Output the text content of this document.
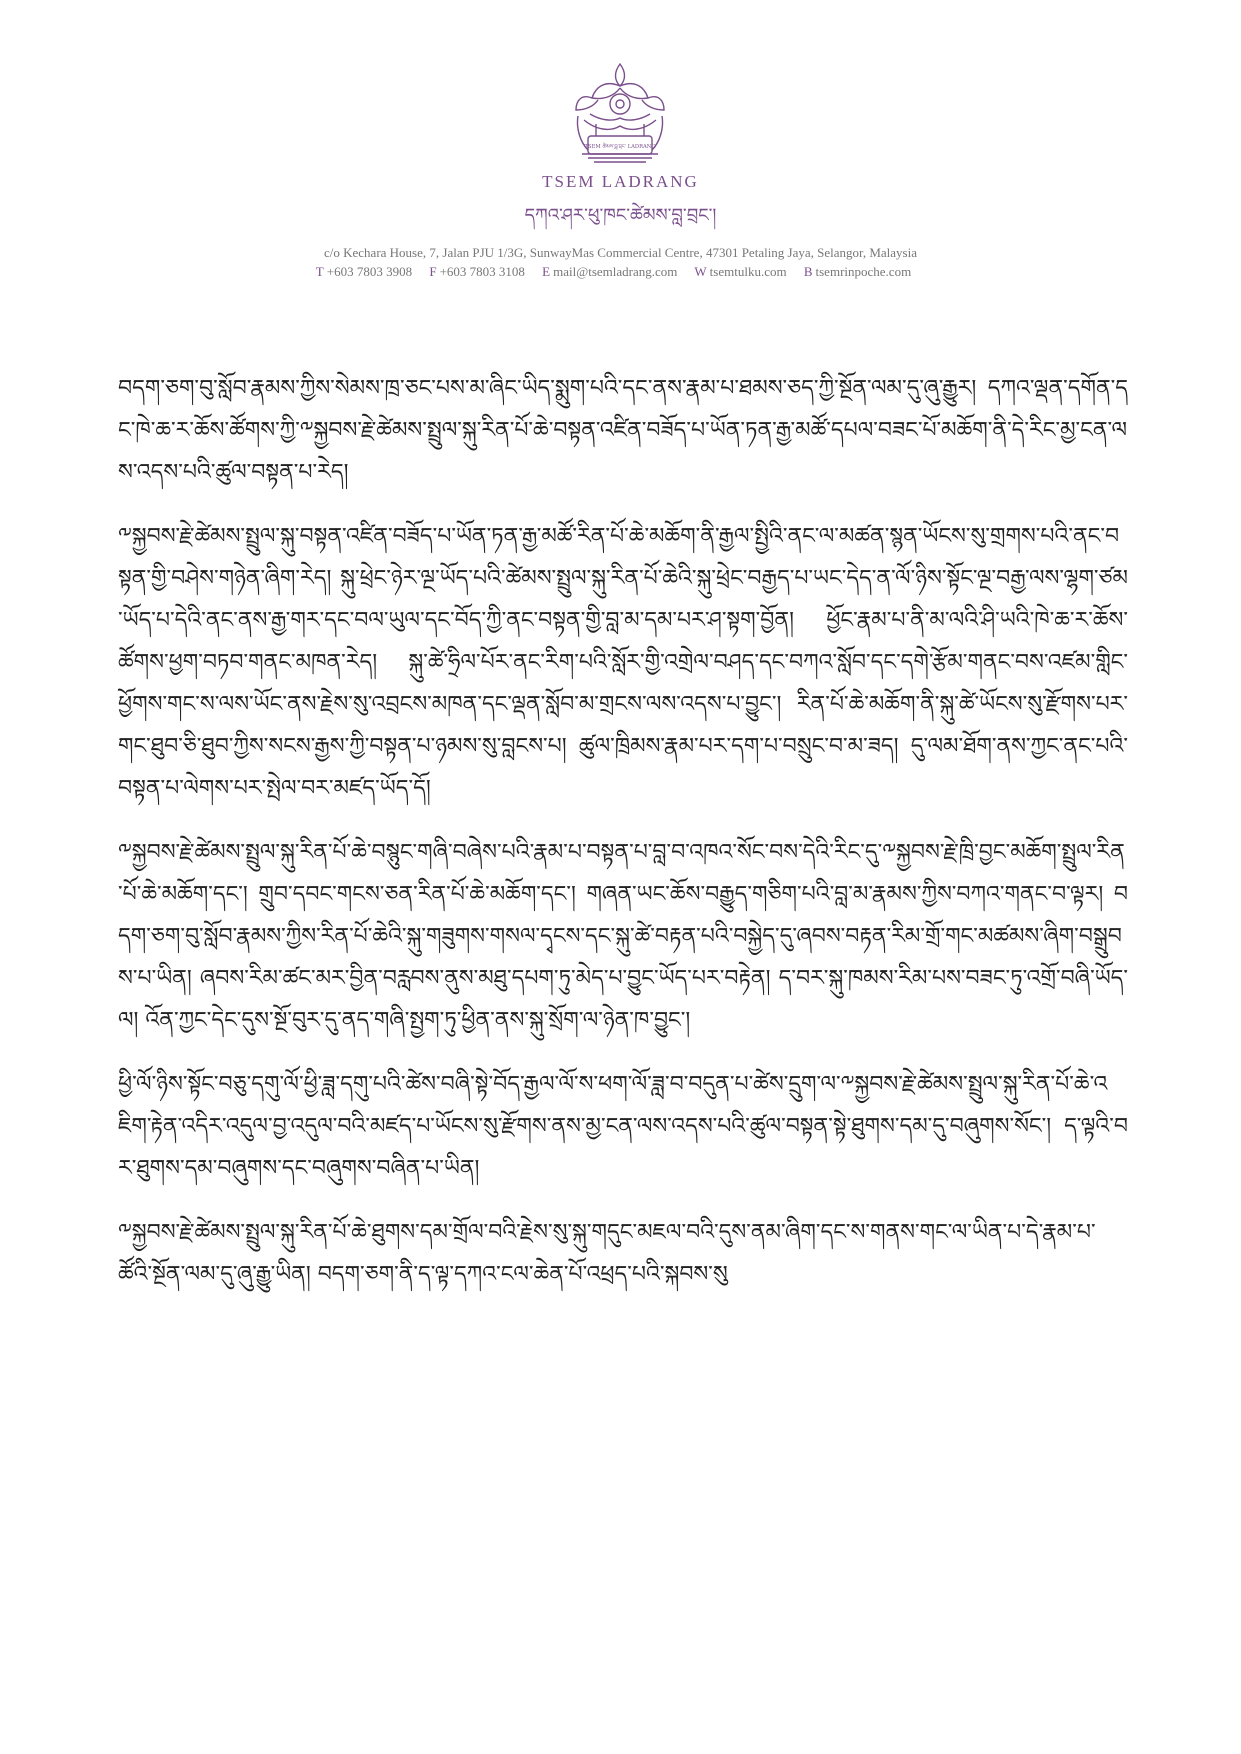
TSEM ཚེམས་བླ་བྲང་ LADRANG
TSEM LADRANG
དཀའ་ཤར་ཕུ་ཁང་ཚེམས་བླ་བྲང་།
c/o Kechara House, 7, Jalan PJU 1/3G, SunwayMas Commercial Centre, 47301 Petaling Jaya, Selangor, Malaysia
T +603 7803 3908 F +603 7803 3108 E mail@tsemladrang.com W tsemtulku.com B tsemrinpoche.com

བདག་ཅག་བུ་སློབ་རྣམས་ཀྱིས་སེམས་ཁྲ་ཅང་པས་མ་ཞིང་ཡིད་སྨུག་པའི་དང་ནས་རྣམ་པ་ཐམས་ཅད་ཀྱི་སྔོན་ལམ་དུ་ཞུ་རྒྱུར། དཀའ་ལྡན་དགོན་དང་ཁེ་ཆ་ར་ཆོས་ཚོགས་ཀྱི་༸སྐྱབས་རྗེ་ཚེམས་སྤྲུལ་སྐུ་རིན་པོ་ཆེ་བསྟན་འཛིན་བཟོད་པ་ཡོན་ཏན་རྒྱ་མཚོ་དཔལ་བཟང་པོ་མཆོག་ནི་དེ་རིང་མྱ་ངན་ལས་འདས་པའི་ཚུལ་བསྟན་པ་རེད།

༸སྐྱབས་རྗེ་ཚེམས་སྤྲུལ་སྐུ་བསྟན་འཛིན་བཟོད་པ་ཡོན་ཏན་རྒྱ་མཚོ་རིན་པོ་ཆེ་མཆོག་ནི་རྒྱལ་སྤྱིའི་ནང་ལ་མཚན་སྙན་ཡོངས་སུ་གྲགས་པའི་ནང་བསྟན་གྱི་བཤེས་གཉེན་ཞིག་རེད། སྐུ་ཕྲེང་ཉེར་ལྔ་ཡོད་པའི་ཚེམས་སྤྲུལ་སྐུ་རིན་པོ་ཆེའི་སྐུ་ཕྲེང་བརྒྱད་པ་ཡང་དེད་ན་ལོ་ཉིས་སྟོང་ལྔ་བརྒྱ་ལས་ལྷག་ཙམ་ཡོད་པ་དེའི་ནང་ནས་རྒྱ་གར་དང་བལ་ཡུལ་དང་བོད་ཀྱི་ནང་བསྟན་གྱི་བླ་མ་དམ་པར་ཤ་སྟག་བྱོན། ཕྱོང་རྣམ་པ་ནི་མ་ལའི་ཤི་ཡའི་ཁེ་ཆ་ར་ཆོས་ཚོགས་ཕྱག་བཏབ་གནང་མཁན་རེད། སྐུ་ཚེ་ཧྲིལ་པོར་ནང་རིག་པའི་སློར་གྱི་འགྲེལ་བཤད་དང་བཀའ་སློབ་དང་དགེ་རྩོམ་གནང་བས་འཛམ་གླིང་ཕྱོགས་གང་ས་ལས་ཡོང་ནས་རྗེས་སུ་འབྲངས་མཁན་དང་ལྡན་སློབ་མ་གྲངས་ལས་འདས་པ་བྱུང་། རིན་པོ་ཆེ་མཆོག་ནི་སྐུ་ཚེ་ཡོངས་སུ་རྫོགས་པར་གང་ཐུབ་ཅི་ཐུབ་ཀྱིས་སངས་རྒྱས་ཀྱི་བསྟན་པ་ཉམས་སུ་བླངས་པ། ཚུལ་ཁྲིམས་རྣམ་པར་དག་པ་བསྲུང་བ་མ་ཟད། དུ་ལམ་ཐོག་ནས་ཀྱང་ནང་པའི་བསྟན་པ་ལེགས་པར་སྤེལ་བར་མཛད་ཡོད་དོ།

༸སྐྱབས་རྗེ་ཚེམས་སྤྲུལ་སྐུ་རིན་པོ་ཆེ་བསྙུང་གཞི་བཞེས་པའི་རྣམ་པ་བསྟན་པ་བླ་བ་འཁའ་སོང་བས་དེའི་རིང་དུ་༸སྐྱབས་རྗེ་ཁྲི་བྱང་མཆོག་སྤྲུལ་རིན་པོ་ཆེ་མཆོག་དང་། གྲུབ་དབང་གངས་ཅན་རིན་པོ་ཆེ་མཆོག་དང་། གཞན་ཡང་ཆོས་བརྒྱུད་གཅིག་པའི་བླ་མ་རྣམས་ཀྱིས་བཀའ་གནང་བ་ལྟར། བདག་ཅག་བུ་སློབ་རྣམས་ཀྱིས་རིན་པོ་ཆེའི་སྐུ་གཟུགས་གསལ་དྭངས་དང་སྐུ་ཚེ་བརྟན་པའི་བསྐྱེད་དུ་ཞབས་བརྟན་རིམ་གྲོ་གང་མཚམས་ཞིག་བསྒྲུབས་པ་ཡིན། ཞབས་རིམ་ཚང་མར་བྱིན་བརླབས་ནུས་མཐུ་དཔག་ཏུ་མེད་པ་བྱུང་ཡོད་པར་བརྟེན། ད་བར་སྐུ་ཁམས་རིམ་པས་བཟང་ཏུ་འགྲོ་བཞི་ཡོད་ལ། འོན་ཀྱང་དེང་དུས་སྔོ་བུར་དུ་ནད་གཞི་སྤྱག་ཏུ་ཕྱིན་ནས་སྐུ་སྲོག་ལ་ཉེན་ཁ་བྱུང་།

ཕྱི་ལོ་ཉིས་སྟོང་བཅུ་དགུ་ལོ་ཕྱི་ཟླ་དགུ་པའི་ཚེས་བཞི་སྟེ་བོད་རྒྱལ་ལོ་ས་ཕག་ལོ་ཟླ་བ་བདུན་པ་ཚེས་དྲུག་ལ་༸སྐྱབས་རྗེ་ཚེམས་སྤྲུལ་སྐུ་རིན་པོ་ཆེ་འཇིག་རྟེན་འདིར་འདུལ་བྱ་འདུལ་བའི་མཛད་པ་ཡོངས་སུ་རྫོགས་ནས་མྱ་ངན་ལས་འདས་པའི་ཚུལ་བསྟན་སྟེ་ཐུགས་དམ་དུ་བཞུགས་སོང་། ད་ལྟའི་བར་ཐུགས་དམ་བཞུགས་དང་བཞུགས་བཞིན་པ་ཡིན།

༸སྐྱབས་རྗེ་ཚེམས་སྤྲུལ་སྐུ་རིན་པོ་ཆེ་ཐུགས་དམ་གྲོལ་བའི་རྗེས་སུ་སྐུ་གདུང་མཇལ་བའི་དུས་ནམ་ཞིག་དང་ས་གནས་གང་ལ་ཡིན་པ་དེ་རྣམ་པ་ཚོའི་སྔོན་ལམ་དུ་ཞུ་རྒྱུ་ཡིན། བདག་ཅག་ནི་ད་ལྟ་དཀའ་ངལ་ཆེན་པོ་འཕྲད་པའི་སྐབས་སུ
